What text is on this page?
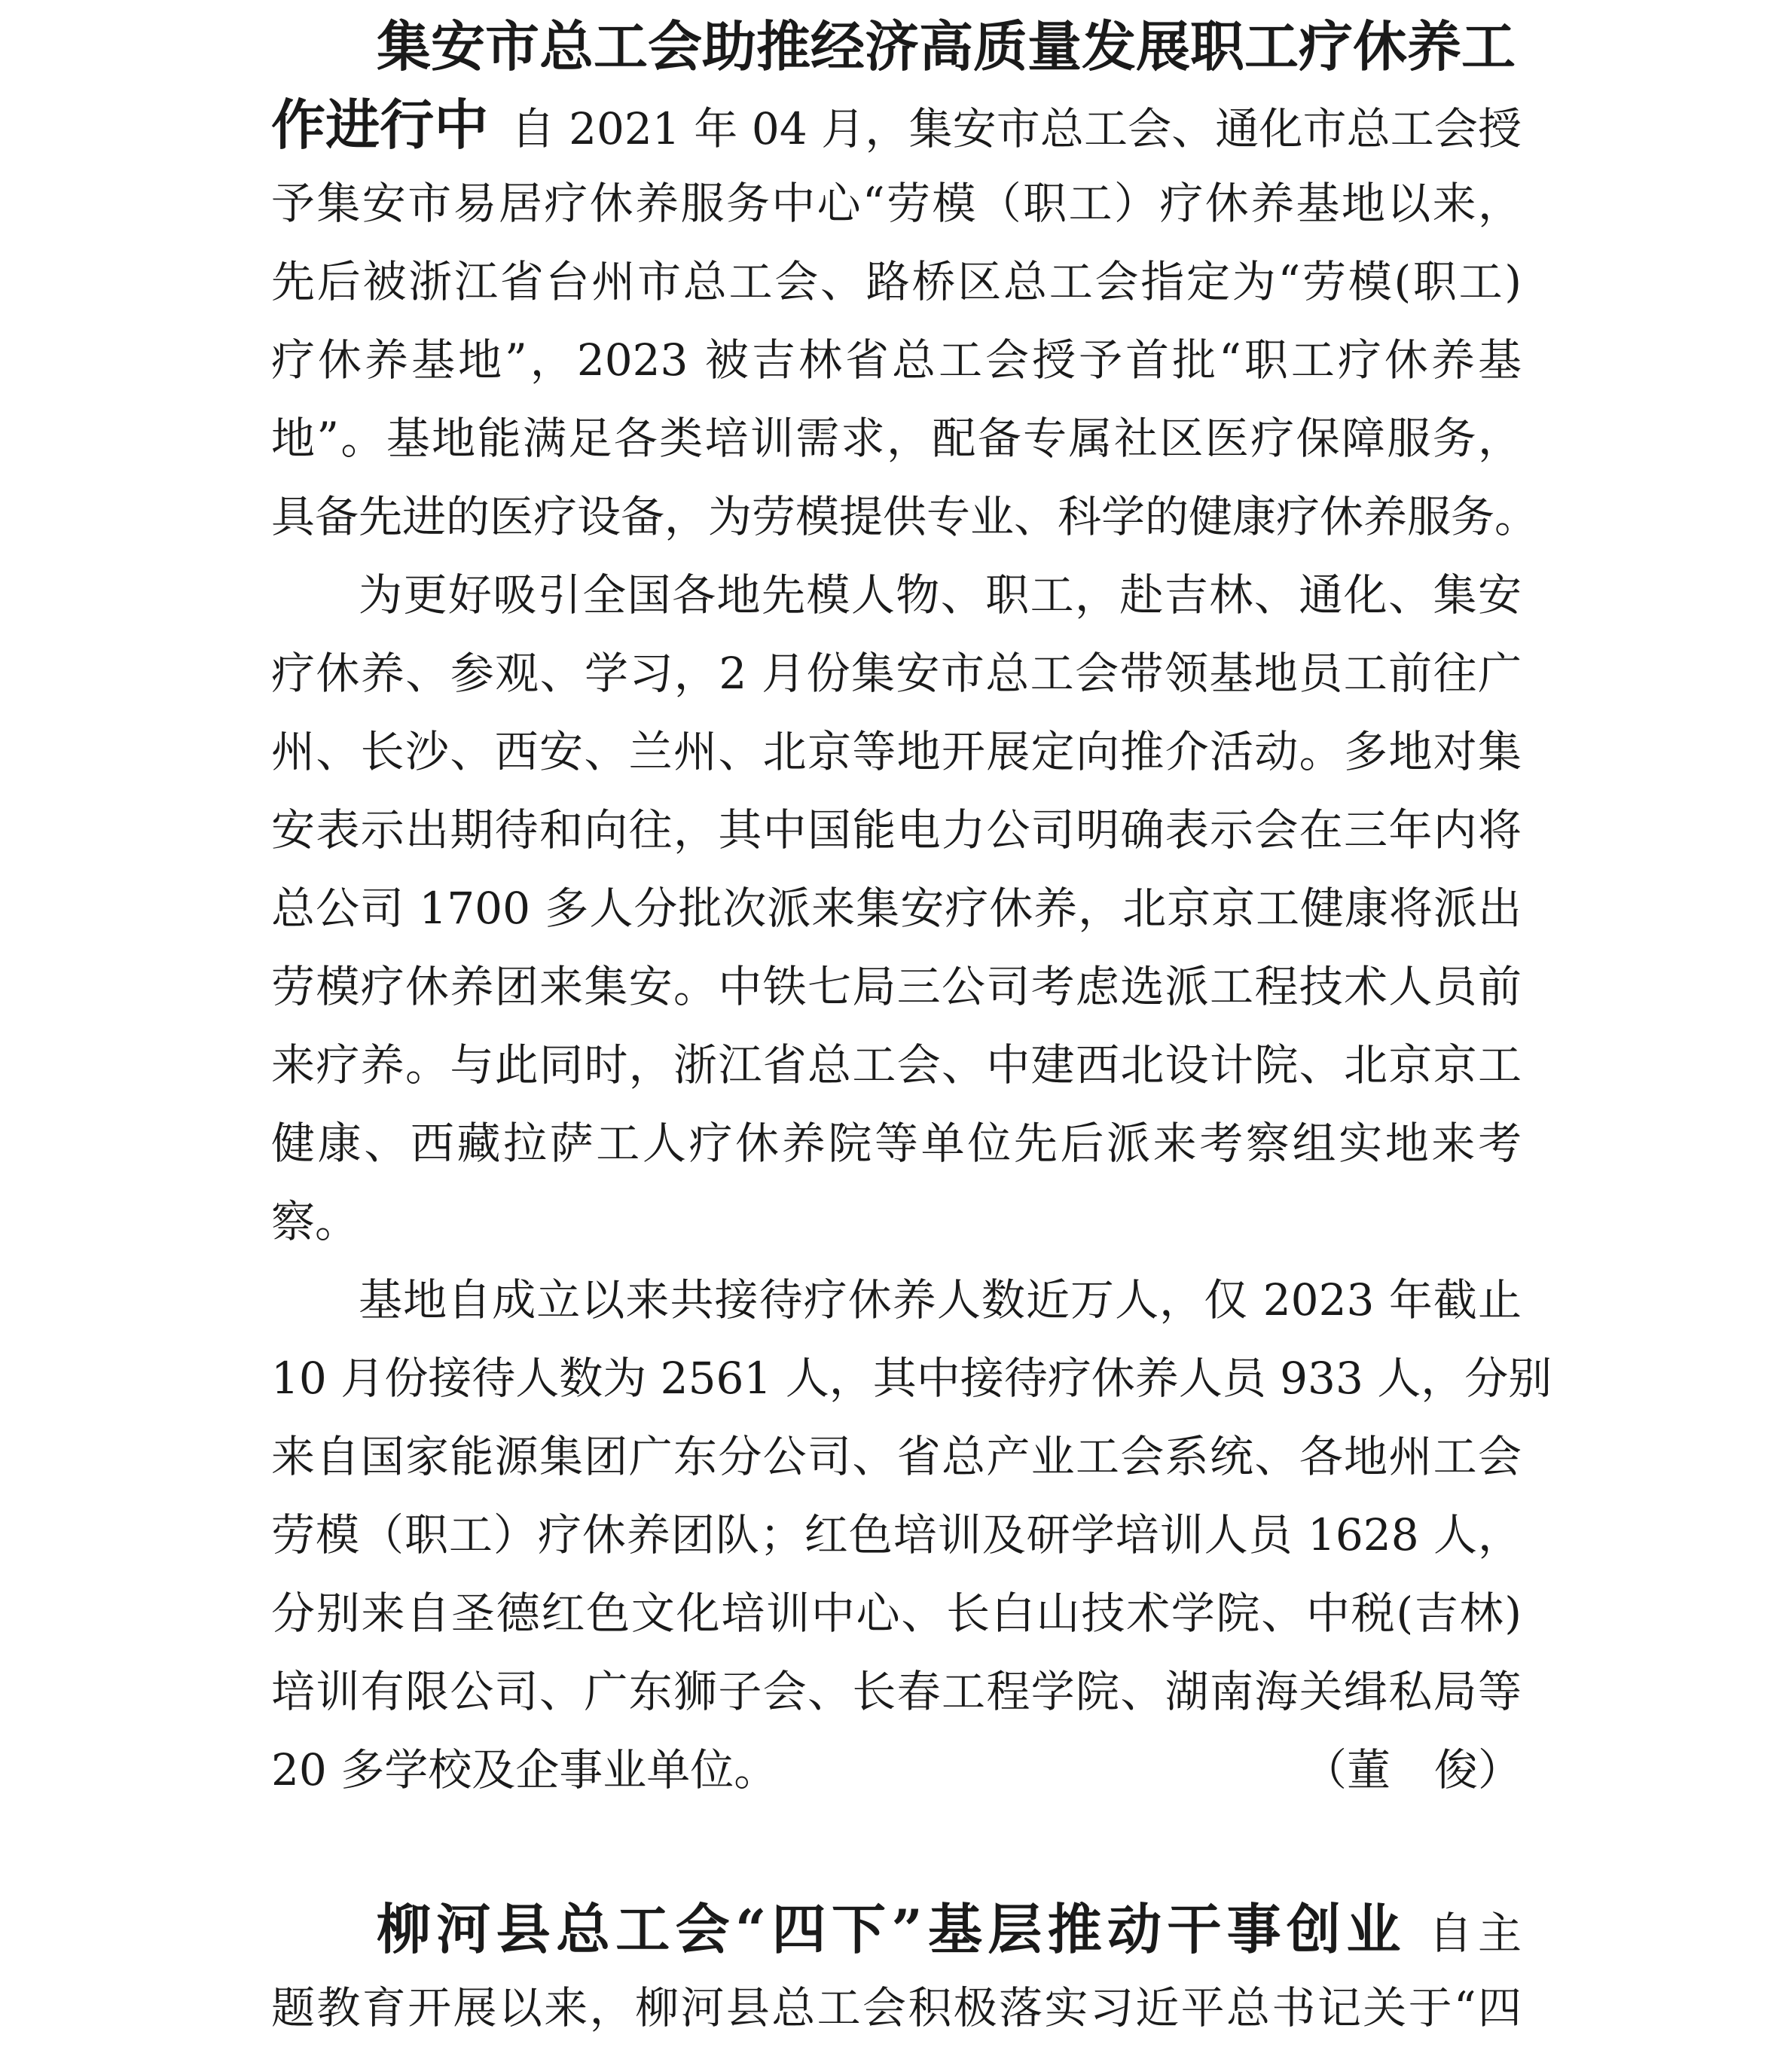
集安市总工会助推经济高质量发展职工疗休养工
作进行中 自 2021 年 04 月，集安市总工会、通化市总工会授
予集安市易居疗休养服务中心“劳模（职工）疗休养基地以来，
先后被浙江省台州市总工会、路桥区总工会指定为“劳模(职工)
疗休养基地”，2023 被吉林省总工会授予首批“职工疗休养基
地”。基地能满足各类培训需求，配备专属社区医疗保障服务，
具备先进的医疗设备，为劳模提供专业、科学的健康疗休养服务。
为更好吸引全国各地先模人物、职工，赴吉林、通化、集安
疗休养、参观、学习，2 月份集安市总工会带领基地员工前往广
州、长沙、西安、兰州、北京等地开展定向推介活动。多地对集
安表示出期待和向往，其中国能电力公司明确表示会在三年内将
总公司 1700 多人分批次派来集安疗休养，北京京工健康将派出
劳模疗休养团来集安。中铁七局三公司考虑选派工程技术人员前
来疗养。与此同时，浙江省总工会、中建西北设计院、北京京工
健康、西藏拉萨工人疗休养院等单位先后派来考察组实地来考
察。
基地自成立以来共接待疗休养人数近万人，仅 2023 年截止
10 月份接待人数为 2561 人，其中接待疗休养人员 933 人，分别
来自国家能源集团广东分公司、省总产业工会系统、各地州工会
劳模（职工）疗休养团队；红色培训及研学培训人员 1628 人，
分别来自圣德红色文化培训中心、长白山技术学院、中税(吉林)
培训有限公司、广东狮子会、长春工程学院、湖南海关缉私局等
20 多学校及企事业单位。	（董　俊）
柳河县总工会“四下”基层推动干事创业 自主
题教育开展以来，柳河县总工会积极落实习近平总书记关于“四
